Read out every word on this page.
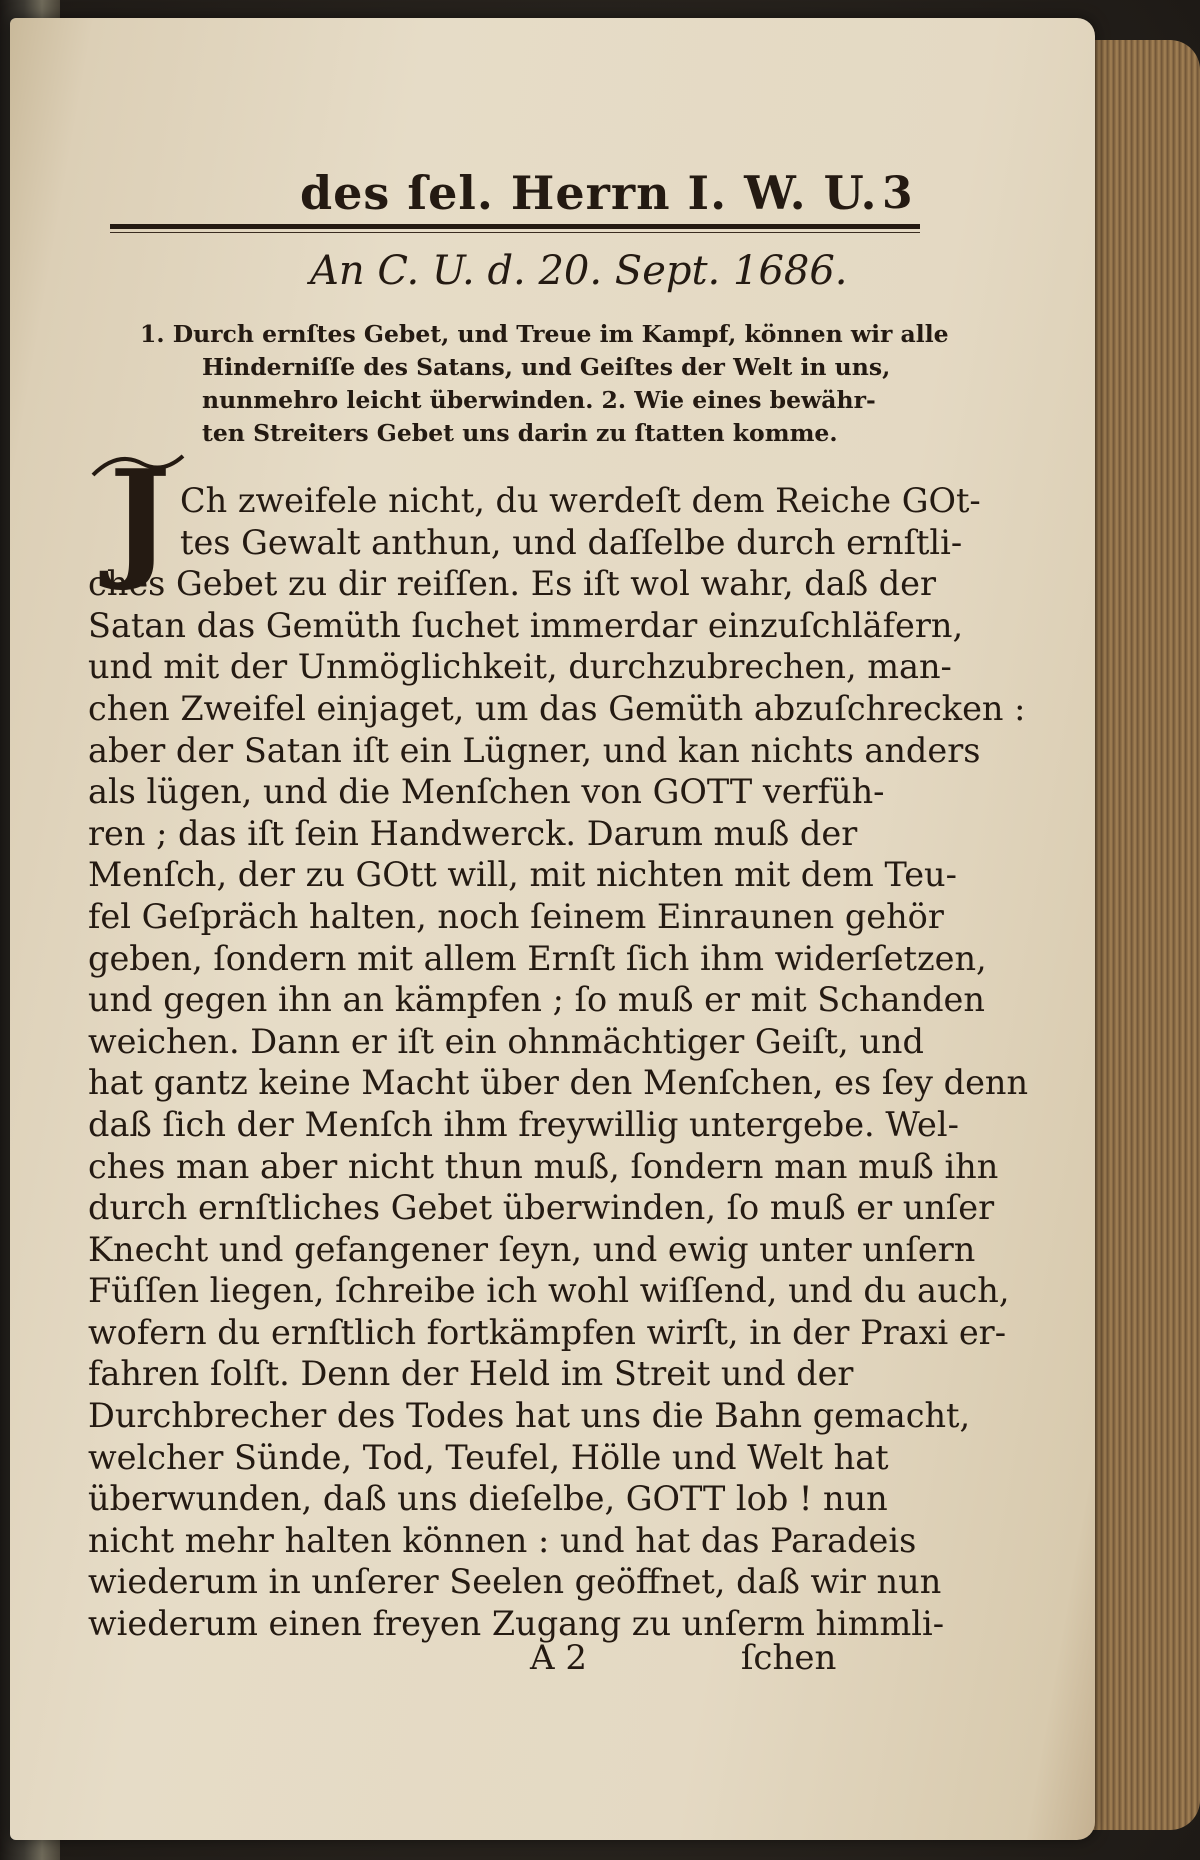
des ſel. Herrn I. W. U. 3
An C. U. d. 20. Sept. 1686.
1. Durch ernſtes Gebet, und Treue im Kampf, können wir alle
Hinderniſſe des Satans, und Geiſtes der Welt in uns,
nunmehro leicht überwinden. 2. Wie eines bewähr-
ten Streiters Gebet uns darin zu ſtatten komme.
J Ch zweifele nicht, du werdeſt dem Reiche GOt-
tes Gewalt anthun, und daſſelbe durch ernſtli-
ches Gebet zu dir reiſſen. Es iſt wol wahr, daß der
Satan das Gemüth ſuchet immerdar einzuſchläfern,
und mit der Unmöglichkeit, durchzubrechen, man-
chen Zweifel einjaget, um das Gemüth abzuſchrecken :
aber der Satan iſt ein Lügner, und kan nichts anders
als lügen, und die Menſchen von GOTT verfüh-
ren ; das iſt ſein Handwerck. Darum muß der
Menſch, der zu GOtt will, mit nichten mit dem Teu-
fel Geſpräch halten, noch ſeinem Einraunen gehör
geben, ſondern mit allem Ernſt ſich ihm widerſetzen,
und gegen ihn an kämpfen ; ſo muß er mit Schanden
weichen. Dann er iſt ein ohnmächtiger Geiſt, und
hat gantz keine Macht über den Menſchen, es ſey denn
daß ſich der Menſch ihm freywillig untergebe. Wel-
ches man aber nicht thun muß, ſondern man muß ihn
durch ernſtliches Gebet überwinden, ſo muß er unſer
Knecht und gefangener ſeyn, und ewig unter unſern
Füſſen liegen, ſchreibe ich wohl wiſſend, und du auch,
wofern du ernſtlich fortkämpfen wirſt, in der Praxi er-
fahren ſolſt. Denn der Held im Streit und der
Durchbrecher des Todes hat uns die Bahn gemacht,
welcher Sünde, Tod, Teufel, Hölle und Welt hat
überwunden, daß uns dieſelbe, GOTT lob ! nun
nicht mehr halten können : und hat das Paradeis
wiederum in unſerer Seelen geöffnet, daß wir nun
wiederum einen freyen Zugang zu unſerm himmli-
A 2	ſchen
